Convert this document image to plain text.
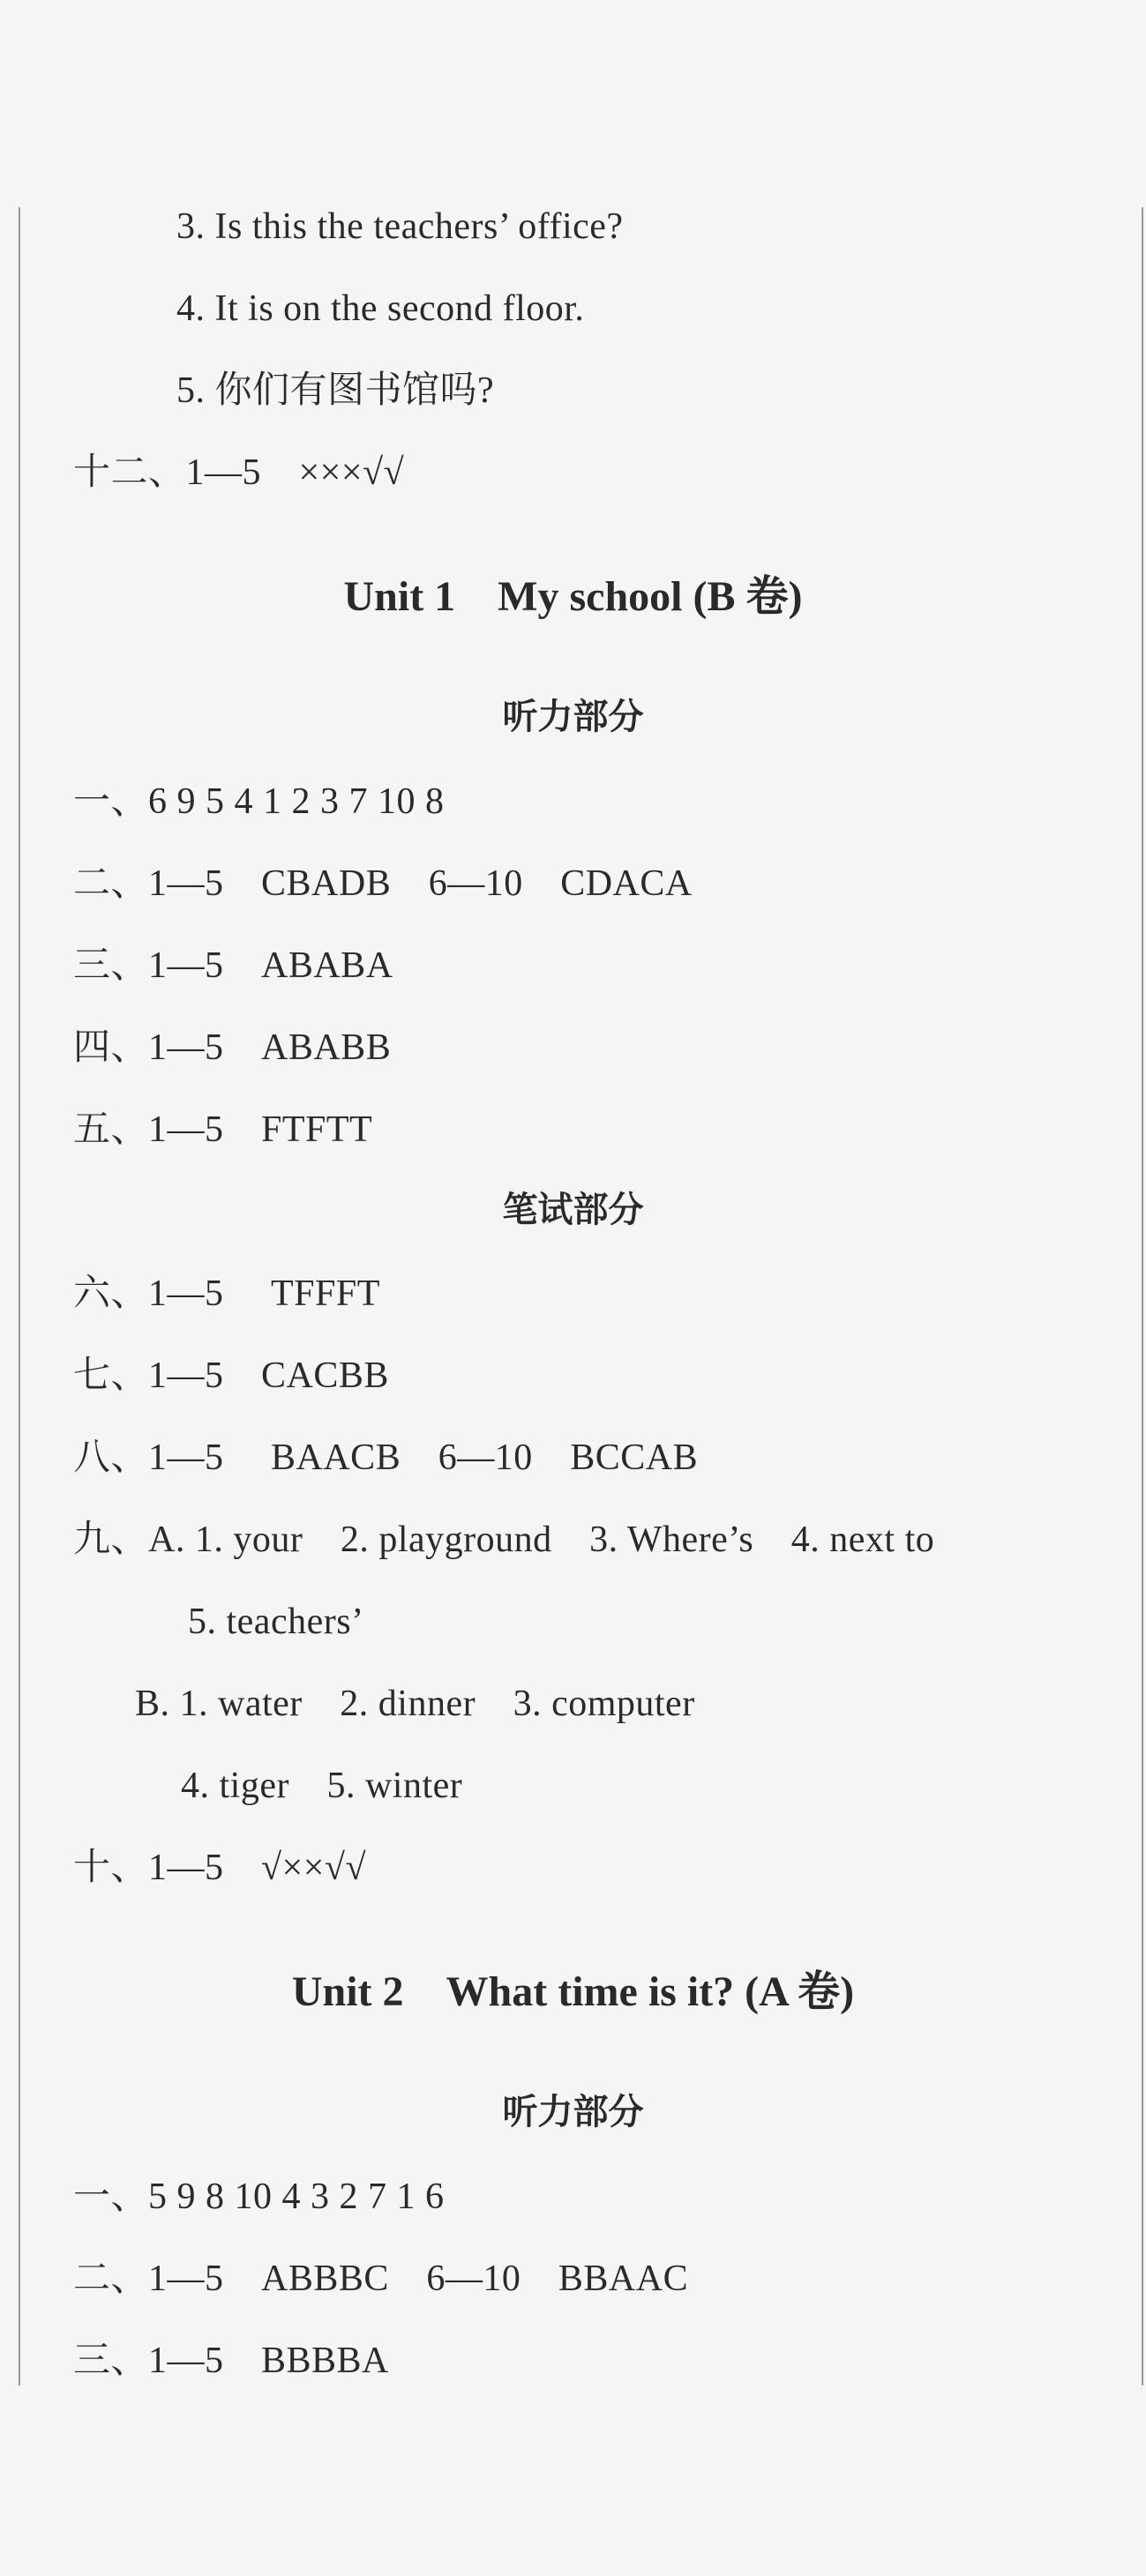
3. Is this the teachers’ office?
4. It is on the second floor.
5. 你们有图书馆吗?
十二、1—5　×××√√
Unit 1　My school (B 卷)
听力部分
一、6 9 5 4 1 2 3 7 10 8
二、1—5　CBADB　6—10　CDACA
三、1—5　ABABA
四、1—5　ABABB
五、1—5　FTFTT
笔试部分
六、1—5　 TFFFT
七、1—5　CACBB
八、1—5　 BAACB　6—10　BCCAB
九、A. 1. your　2. playground　3. Where’s　4. next to
5. teachers’
B. 1. water　2. dinner　3. computer
4. tiger　5. winter
十、1—5　√××√√
Unit 2　What time is it? (A 卷)
听力部分
一、5 9 8 10 4 3 2 7 1 6
二、1—5　ABBBC　6—10　BBAAC
三、1—5　BBBBA
